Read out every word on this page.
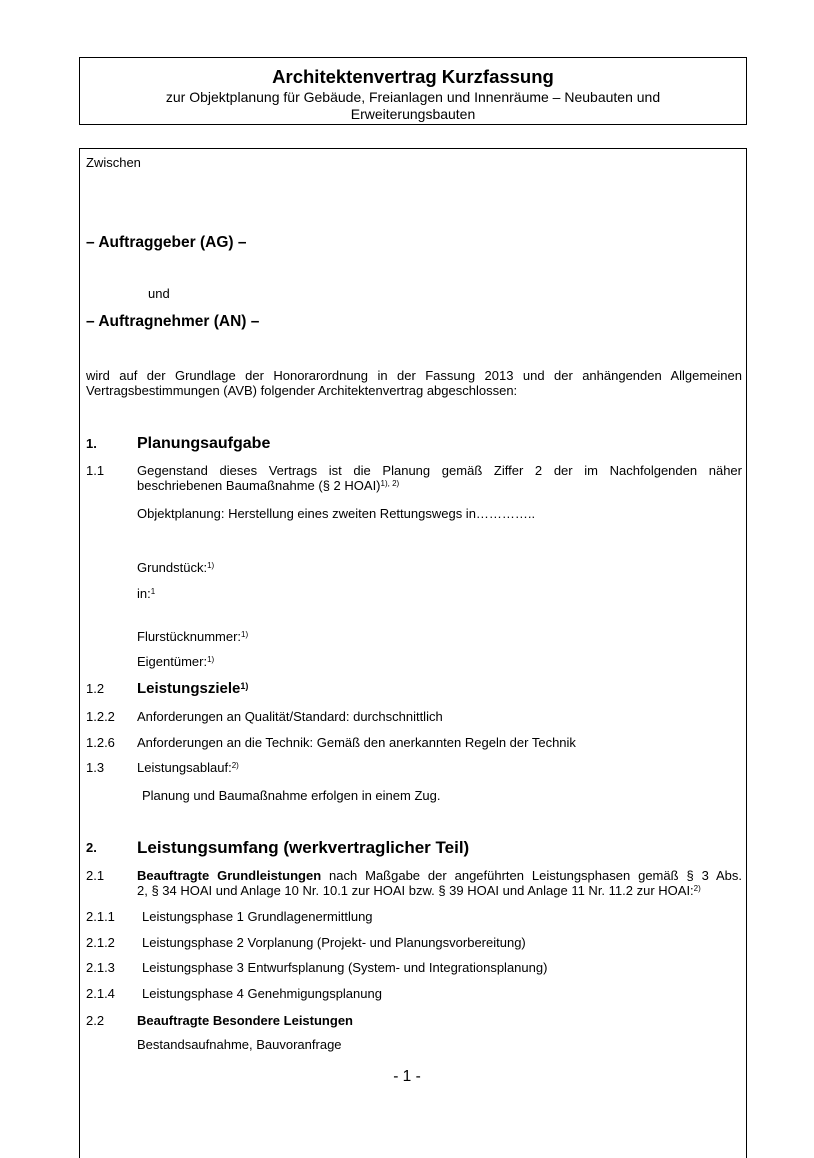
Architektenvertrag Kurzfassung
zur Objektplanung für Gebäude, Freianlagen und Innenräume – Neubauten und
Erweiterungsbauten
Zwischen
– Auftraggeber (AG) –
und
– Auftragnehmer (AN) –
wird auf der Grundlage der Honorarordnung in der Fassung 2013 und der anhängenden Allgemeinen
Vertragsbestimmungen (AVB) folgender Architektenvertrag abgeschlossen:
1.	Planungsaufgabe
1.1	Gegenstand dieses Vertrags ist die Planung gemäß Ziffer 2 der im Nachfolgenden näher
beschriebenen Baumaßnahme (§ 2 HOAI)$^{1), 2)}$
Objektplanung: Herstellung eines zweiten Rettungswegs in…………..
Grundstück:$^{1)}$
in:$^1$
Flurstücknummer:$^{1)}$
Eigentümer:$^{1)}$
1.2 Leistungsziele$^{1)}$
1.2.2 Anforderungen an Qualität/Standard: durchschnittlich
1.2.6 Anforderungen an die Technik: Gemäß den anerkannten Regeln der Technik
1.3	Leistungsablauf:$^{2)}$
Planung und Baumaßnahme erfolgen in einem Zug.
2. Leistungsumfang (werkvertraglicher Teil)
2.1	Beauftragte Grundleistungen nach Maßgabe der angeführten Leistungsphasen gemäß § 3 Abs.
2, § 34 HOAI und Anlage 10 Nr. 10.1 zur HOAI bzw. § 39 HOAI und Anlage 11 Nr. 11.2 zur HOAI:$^{2)}$
2.1.1 Leistungsphase 1 Grundlagenermittlung
2.1.2 Leistungsphase 2 Vorplanung (Projekt- und Planungsvorbereitung)
2.1.3 Leistungsphase 3 Entwurfsplanung (System- und Integrationsplanung)
2.1.4 Leistungsphase 4 Genehmigungsplanung
2.2	Beauftragte Besondere Leistungen
Bestandsaufnahme, Bauvoranfrage
- 1 -
